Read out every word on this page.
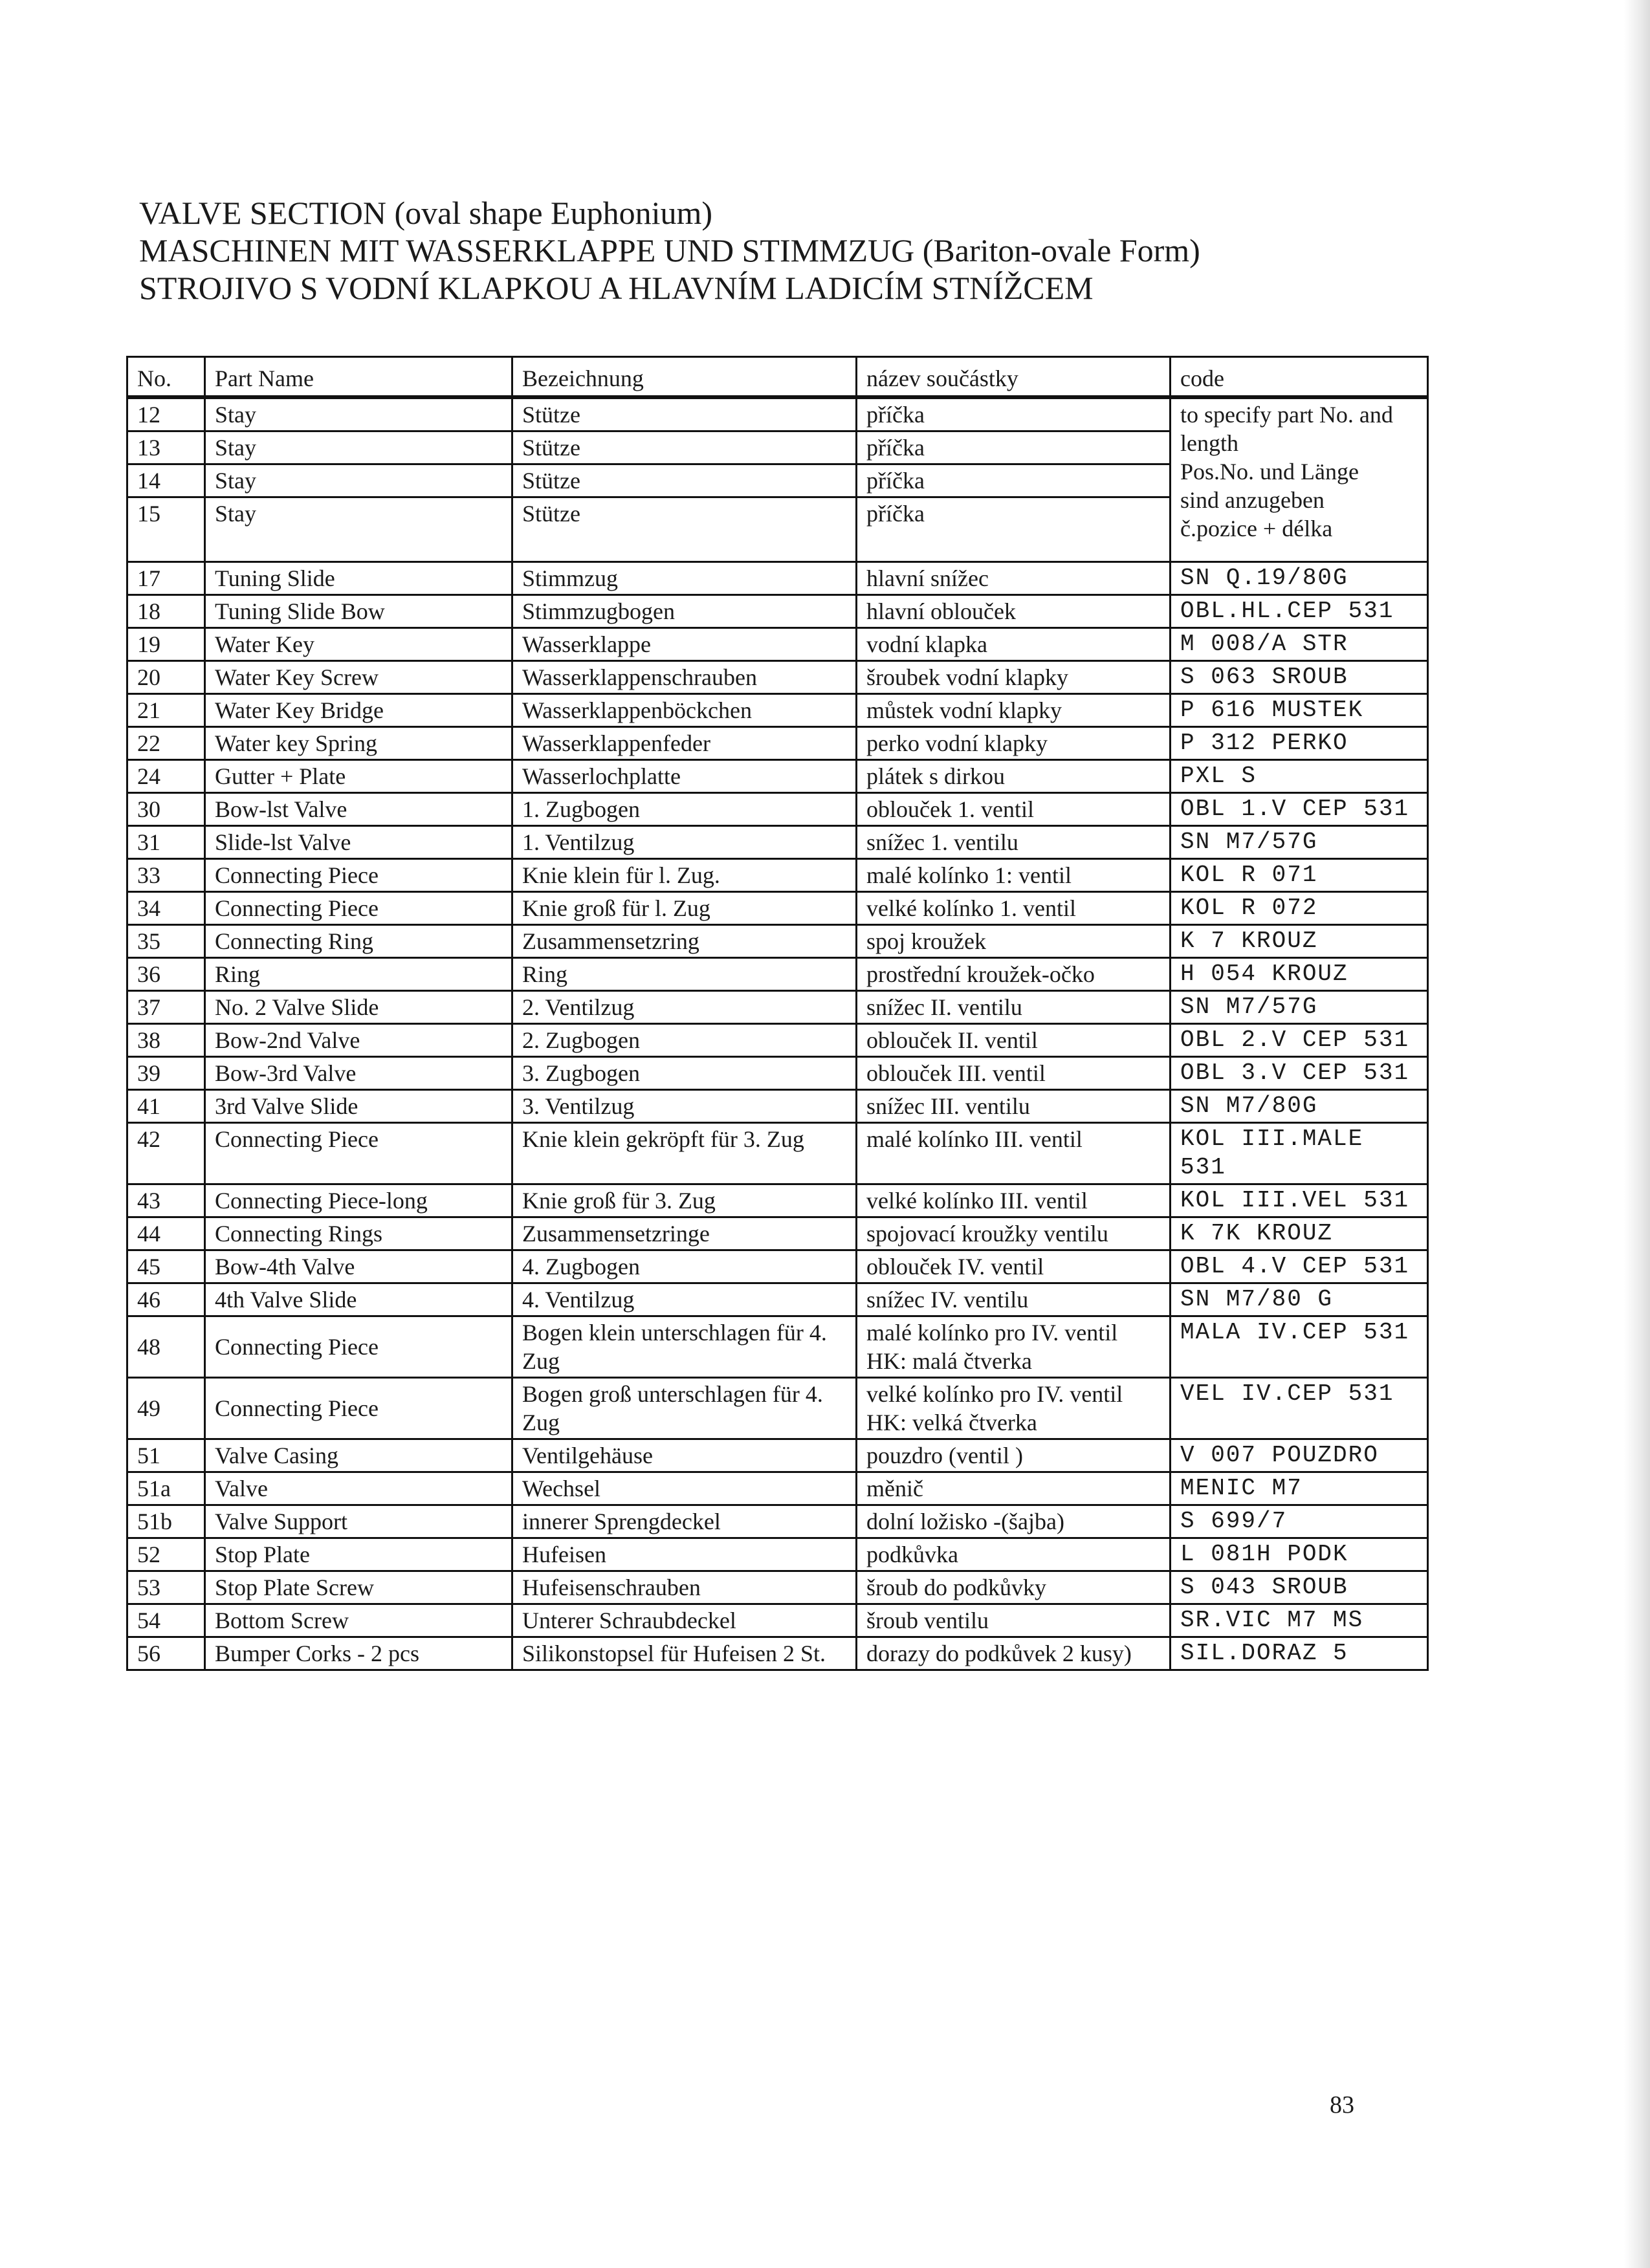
VALVE SECTION (oval shape Euphonium)
MASCHINEN MIT WASSERKLAPPE UND STIMMZUG (Bariton-ovale Form)
STROJIVO S VODNÍ KLAPKOU A HLAVNÍM LADICÍM STNÍŽCEM
No.	Part Name	Bezeichnung	název součástky	code
12	Stay	Stütze	příčka	to specify part No. and
length
Pos.No. und Länge
sind anzugeben
č.pozice + délka

13	Stay	Stütze	příčka	
14	Stay	Stütze	příčka	
15	Stay	Stütze	příčka	
17	Tuning Slide	Stimmzug	hlavní snížec	SN Q.19/80G
18	Tuning Slide Bow	Stimmzugbogen	hlavní oblouček	OBL.HL.CEP 531
19	Water Key	Wasserklappe	vodní klapka	M 008/A STR
20	Water Key Screw	Wasserklappenschrauben	šroubek vodní klapky	S 063 SROUB
21	Water Key Bridge	Wasserklappenböckchen	můstek vodní klapky	P 616 MUSTEK
22	Water key Spring	Wasserklappenfeder	perko vodní klapky	P 312 PERKO
24	Gutter + Plate	Wasserlochplatte	plátek s dirkou	PXL S
30	Bow-lst Valve	1. Zugbogen	oblouček 1. ventil	OBL 1.V CEP 531
31	Slide-lst Valve	1. Ventilzug	snížec 1. ventilu	SN M7/57G
33	Connecting Piece	Knie klein für l. Zug.	malé kolínko 1: ventil	KOL R 071
34	Connecting Piece	Knie groß für l. Zug	velké kolínko 1. ventil	KOL R 072
35	Connecting Ring	Zusammensetzring	spoj kroužek	K 7 KROUZ
36	Ring	Ring	prostřední kroužek-očko	H 054 KROUZ
37	No. 2 Valve Slide	2. Ventilzug	snížec II. ventilu	SN M7/57G
38	Bow-2nd Valve	2. Zugbogen	oblouček II. ventil	OBL 2.V CEP 531
39	Bow-3rd Valve	3. Zugbogen	oblouček III. ventil	OBL 3.V CEP 531
41	3rd Valve Slide	3. Ventilzug	snížec III. ventilu	SN M7/80G
42	Connecting Piece	Knie klein gekröpft für 3. Zug	malé kolínko III. ventil	KOL III.MALE 531
43	Connecting Piece-long	Knie groß für 3. Zug	velké kolínko III. ventil	KOL III.VEL 531
44	Connecting Rings	Zusammensetzringe	spojovací kroužky ventilu	K 7K KROUZ
45	Bow-4th Valve	4. Zugbogen	oblouček IV. ventil	OBL 4.V CEP 531
46	4th Valve Slide	4. Ventilzug	snížec IV. ventilu	SN M7/80 G
48	Connecting Piece	Bogen klein unterschlagen für 4. Zug	malé kolínko pro IV. ventil HK: malá čtverka	MALA IV.CEP 531
49	Connecting Piece	Bogen groß unterschlagen für 4. Zug	velké kolínko pro IV. ventil HK: velká čtverka	VEL IV.CEP 531
51	Valve Casing	Ventilgehäuse	pouzdro (ventil )	V 007 POUZDRO
51a	Valve	Wechsel	měnič	MENIC M7
51b	Valve Support	innerer Sprengdeckel	dolní ložisko -(šajba)	S 699/7
52	Stop Plate	Hufeisen	podkůvka	L 081H PODK
53	Stop Plate Screw	Hufeisenschrauben	šroub do podkůvky	S 043 SROUB
54	Bottom Screw	Unterer Schraubdeckel	šroub ventilu	SR.VIC M7 MS
56	Bumper Corks - 2 pcs	Silikonstopsel für Hufeisen 2 St.	dorazy do podkůvek 2 kusy)	SIL.DORAZ 5
83
